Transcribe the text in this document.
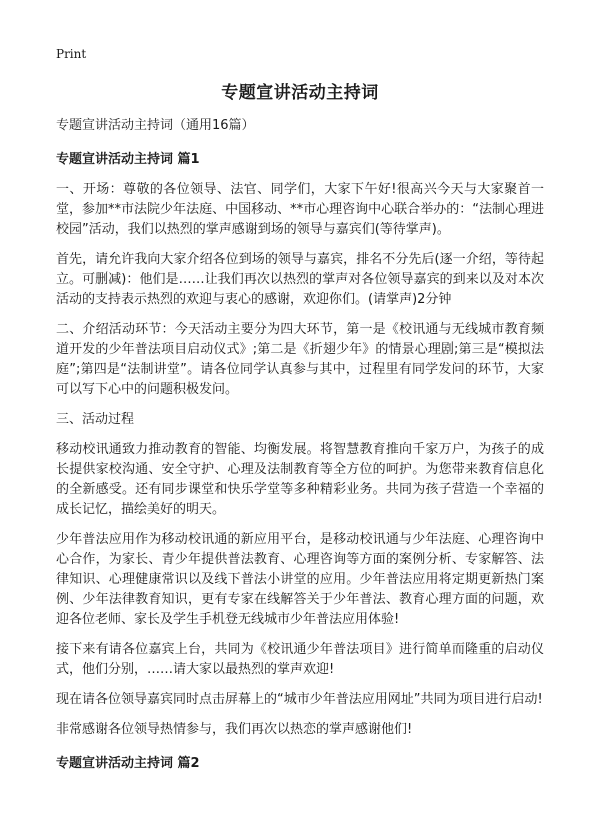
Print
专题宣讲活动主持词

专题宣讲活动主持词（通用16篇）

专题宣讲活动主持词 篇1

一、开场：尊敬的各位领导、法官、同学们，大家下午好!很高兴今天与大家聚首一堂，参加**市法院少年法庭、中国移动、**市心理咨询中心联合举办的：“法制心理进校园”活动，我们以热烈的掌声感谢到场的领导与嘉宾们(等待掌声)。

首先，请允许我向大家介绍各位到场的领导与嘉宾，排名不分先后(逐一介绍，等待起立。可删减)：他们是……让我们再次以热烈的掌声对各位领导嘉宾的到来以及对本次活动的支持表示热烈的欢迎与衷心的感谢，欢迎你们。(请掌声)2分钟

二、介绍活动环节：今天活动主要分为四大环节，第一是《校讯通与无线城市教育频道开发的少年普法项目启动仪式》;第二是《折翅少年》的情景心理剧;第三是“模拟法庭”;第四是“法制讲堂”。请各位同学认真参与其中，过程里有同学发问的环节，大家可以写下心中的问题积极发问。

三、活动过程

移动校讯通致力推动教育的智能、均衡发展。将智慧教育推向千家万户，为孩子的成长提供家校沟通、安全守护、心理及法制教育等全方位的呵护。为您带来教育信息化的全新感受。还有同步课堂和快乐学堂等多种精彩业务。共同为孩子营造一个幸福的成长记忆，描绘美好的明天。

少年普法应用作为移动校讯通的新应用平台，是移动校讯通与少年法庭、心理咨询中心合作，为家长、青少年提供普法教育、心理咨询等方面的案例分析、专家解答、法律知识、心理健康常识以及线下普法小讲堂的应用。少年普法应用将定期更新热门案例、少年法律教育知识，更有专家在线解答关于少年普法、教育心理方面的问题，欢迎各位老师、家长及学生手机登无线城市少年普法应用体验!

接下来有请各位嘉宾上台，共同为《校讯通少年普法项目》进行简单而隆重的启动仪式，他们分别，……请大家以最热烈的掌声欢迎!

现在请各位领导嘉宾同时点击屏幕上的“城市少年普法应用网址”共同为项目进行启动!

非常感谢各位领导热情参与，我们再次以热恋的掌声感谢他们!

专题宣讲活动主持词 篇2
